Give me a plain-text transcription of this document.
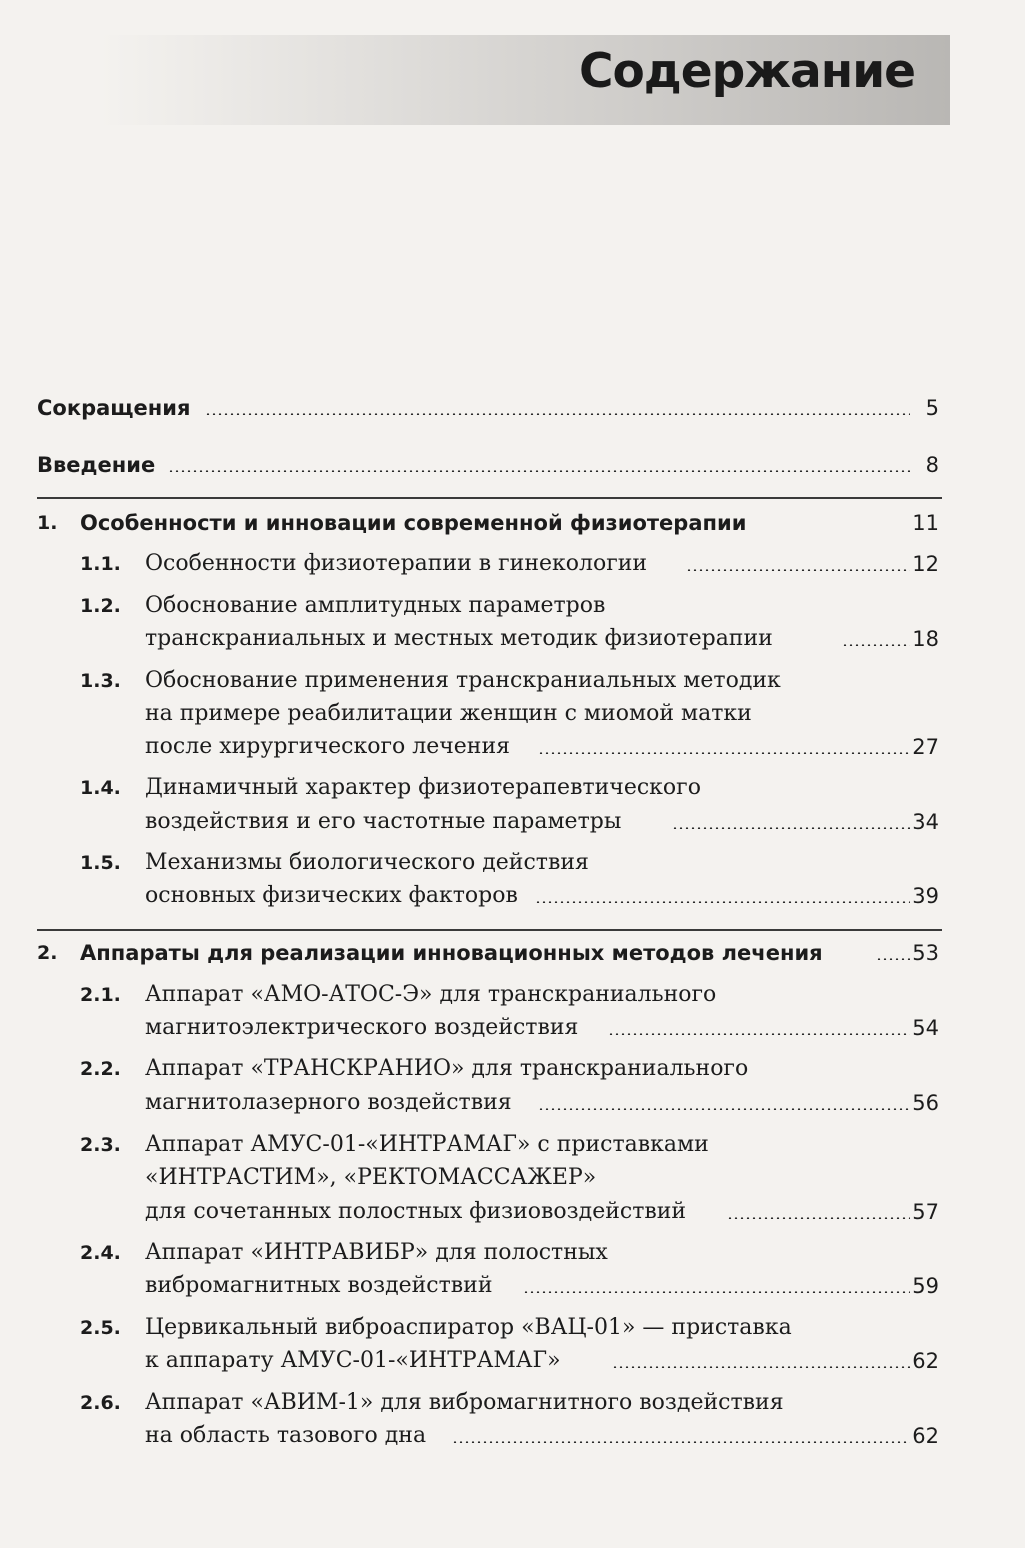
Содержание
Сокращения	5
Введение	8
1. Особенности и инновации современной физиотерапии	11
1.1. Особенности физиотерапии в гинекологии	12
1.2. Обоснование амплитудных параметров
транскраниальных и местных методик физиотерапии	18
1.3. Обоснование применения транскраниальных методик
на примере реабилитации женщин с миомой матки
после хирургического лечения	27
1.4. Динамичный характер физиотерапевтического
воздействия и его частотные параметры	34
1.5. Механизмы биологического действия
основных физических факторов	39
2. Аппараты для реализации инновационных методов лечения	53
2.1. Аппарат «АМО-АТОС-Э» для транскраниального
магнитоэлектрического воздействия	54
2.2. Аппарат «ТРАНСКРАНИО» для транскраниального
магнитолазерного воздействия	56
2.3. Аппарат АМУС-01-«ИНТРАМАГ» с приставками
«ИНТРАСТИМ», «РЕКТОМАССАЖЕР»
для сочетанных полостных физиовоздействий	57
2.4. Аппарат «ИНТРАВИБР» для полостных
вибромагнитных воздействий	59
2.5. Цервикальный виброаспиратор «ВАЦ-01» — приставка
к аппарату АМУС-01-«ИНТРАМАГ»	62
2.6. Аппарат «АВИМ-1» для вибромагнитного воздействия
на область тазового дна	62
